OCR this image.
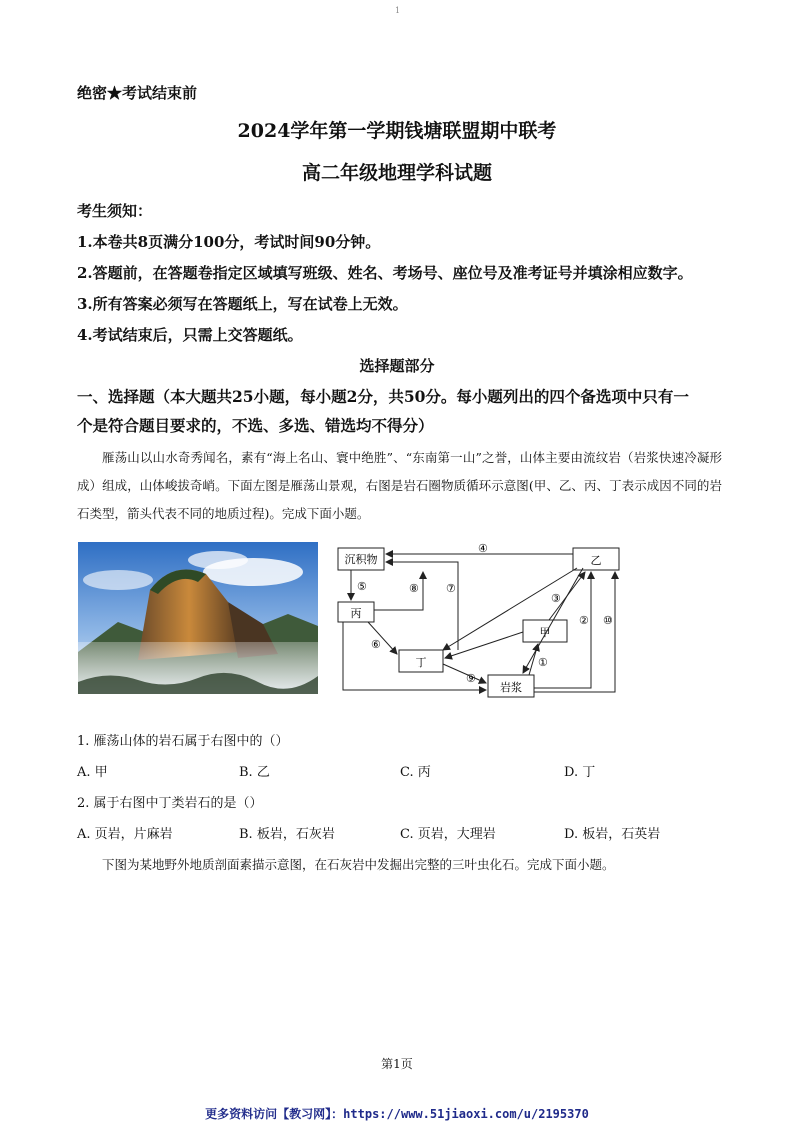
1
绝密★考试结束前
2024学年第一学期钱塘联盟期中联考
高二年级地理学科试题
考生须知：
1.本卷共8页满分100分，考试时间90分钟。
2.答题前，在答题卷指定区域填写班级、姓名、考场号、座位号及准考证号并填涂相应数字。
3.所有答案必须写在答题纸上，写在试卷上无效。
4.考试结束后，只需上交答题纸。
选择题部分
一、选择题（本大题共25小题，每小题2分，共50分。每小题列出的四个备选项中只有一
个是符合题目要求的，不选、多选、错选均不得分）

雁荡山以山水奇秀闻名，素有“海上名山、寰中绝胜”、“东南第一山”之誉，山体主要由流纹岩（岩浆快速冷凝形成）组成，山体峻拔奇峭。下面左图是雁荡山景观，右图是岩石圈物质循环示意图(甲、乙、丙、丁表示成因不同的岩石类型，箭头代表不同的地质过程)。完成下面小题。

沉积物	乙
丙
甲
丁
岩浆
④
⑤	⑧ ⑦
⑥
③
⑨
①
② ⑩
1. 雁荡山体的岩石属于右图中的（）
A. 甲	B. 乙	C. 丙	D. 丁
2. 属于右图中丁类岩石的是（）
A. 页岩，片麻岩	B. 板岩，石灰岩	C. 页岩，大理岩	D. 板岩，石英岩
下图为某地野外地质剖面素描示意图，在石灰岩中发掘出完整的三叶虫化石。完成下面小题。
第1页
更多资料访问【教习网】：https://www.51jiaoxi.com/u/2195370
